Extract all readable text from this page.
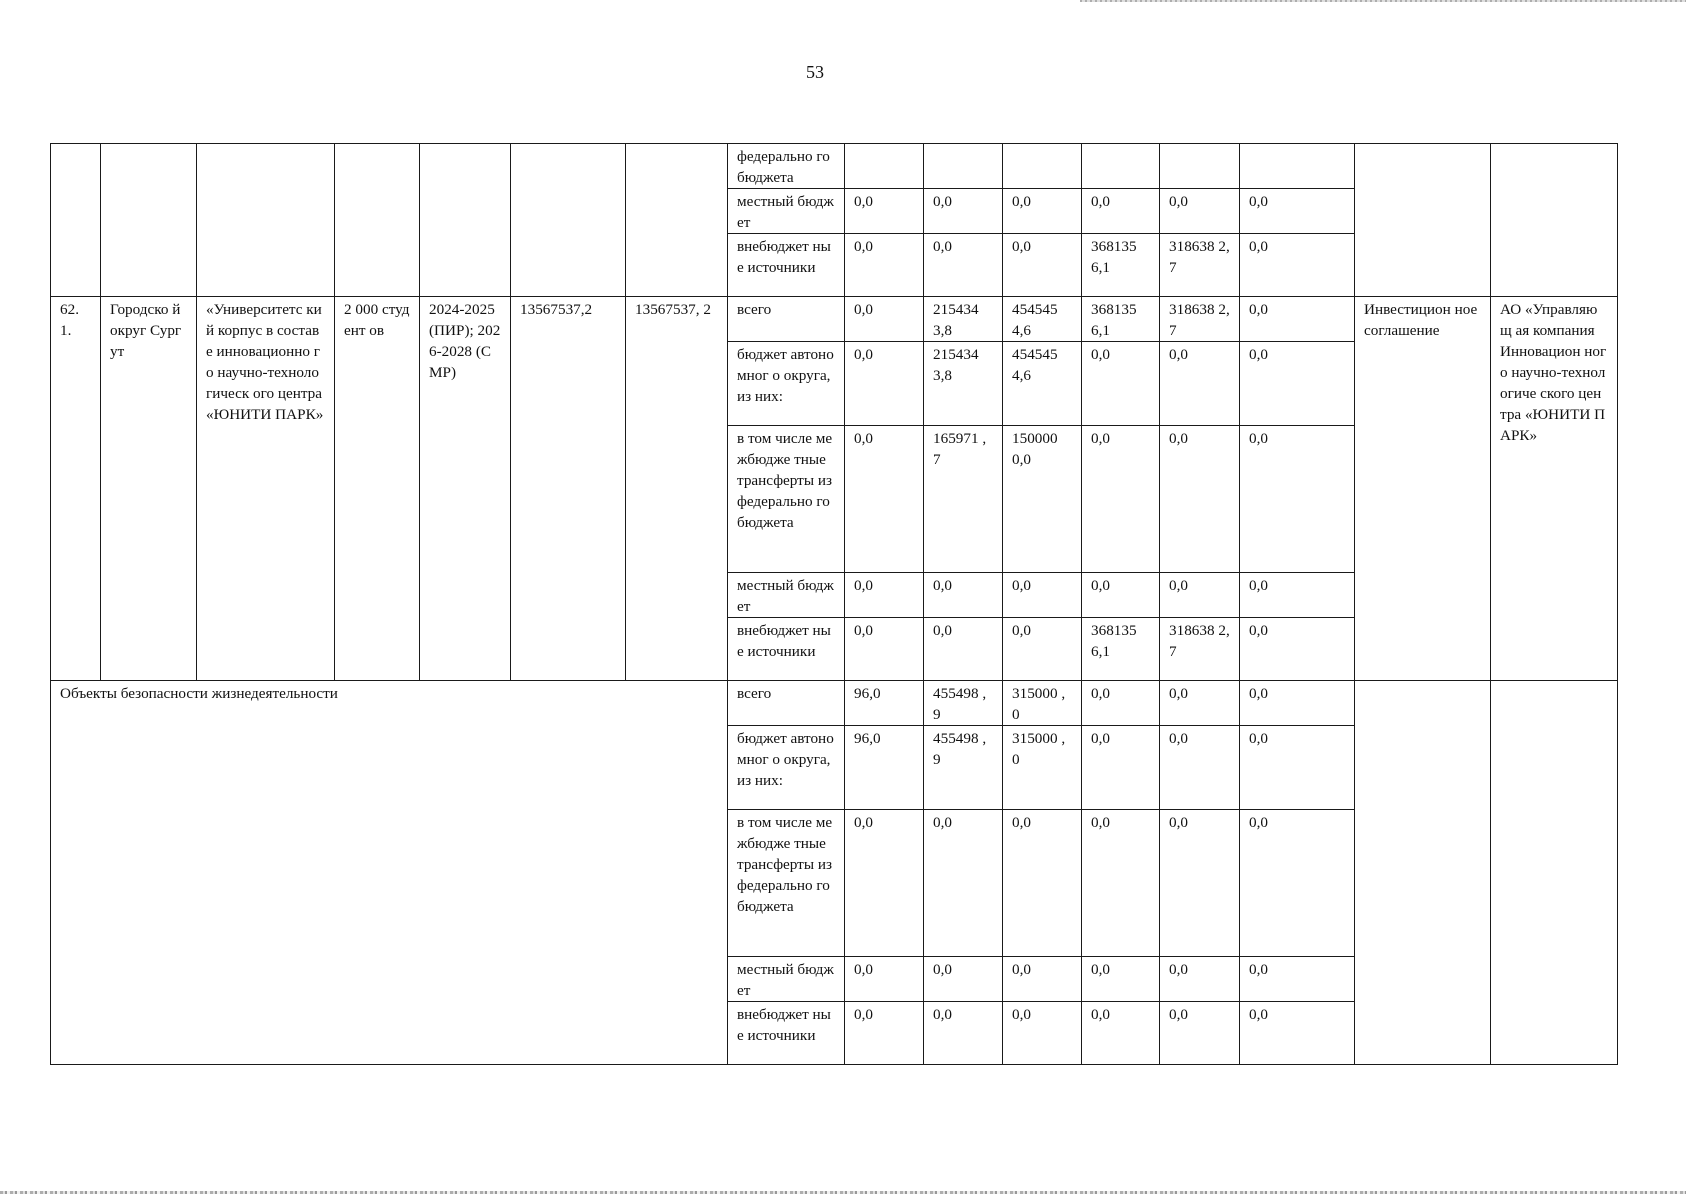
53
							федерально го бюджета								
							местный бюджет	0,0	0,0	0,0	0,0	0,0	0,0		
							внебюджет ные источники	0,0	0,0	0,0	368135 6,1	318638 2,7	0,0		
62. 1.	Городско й округ Сургут	«Университетс кий корпус в составе инновационно го научно-технологическ ого центра «ЮНИТИ ПАРК»	2 000 студент ов	2024-2025 (ПИР); 2026-2028 (СМР)	13567537,2	13567537, 2	всего	0,0	215434 3,8	454545 4,6	368135 6,1	318638 2,7	0,0	Инвестицион ное соглашение	АО «Управляющ ая компания Инновацион ного научно-технологиче ского центра «ЮНИТИ ПАРК»
							бюджет автономног о округа, из них:	0,0	215434 3,8	454545 4,6	0,0	0,0	0,0		
							в том числе межбюдже тные трансферты из федерально го бюджета	0,0	165971 ,7	150000 0,0	0,0	0,0	0,0		
							местный бюджет	0,0	0,0	0,0	0,0	0,0	0,0		
							внебюджет ные источники	0,0	0,0	0,0	368135 6,1	318638 2,7	0,0		
Объекты безопасности жизнедеятельности							всего	96,0	455498 ,9	315000 ,0	0,0	0,0	0,0		
							бюджет автономног о округа, из них:	96,0	455498 ,9	315000 ,0	0,0	0,0	0,0		
							в том числе межбюдже тные трансферты из федерально го бюджета	0,0	0,0	0,0	0,0	0,0	0,0		
							местный бюджет	0,0	0,0	0,0	0,0	0,0	0,0		
							внебюджет ные источники	0,0	0,0	0,0	0,0	0,0	0,0		
